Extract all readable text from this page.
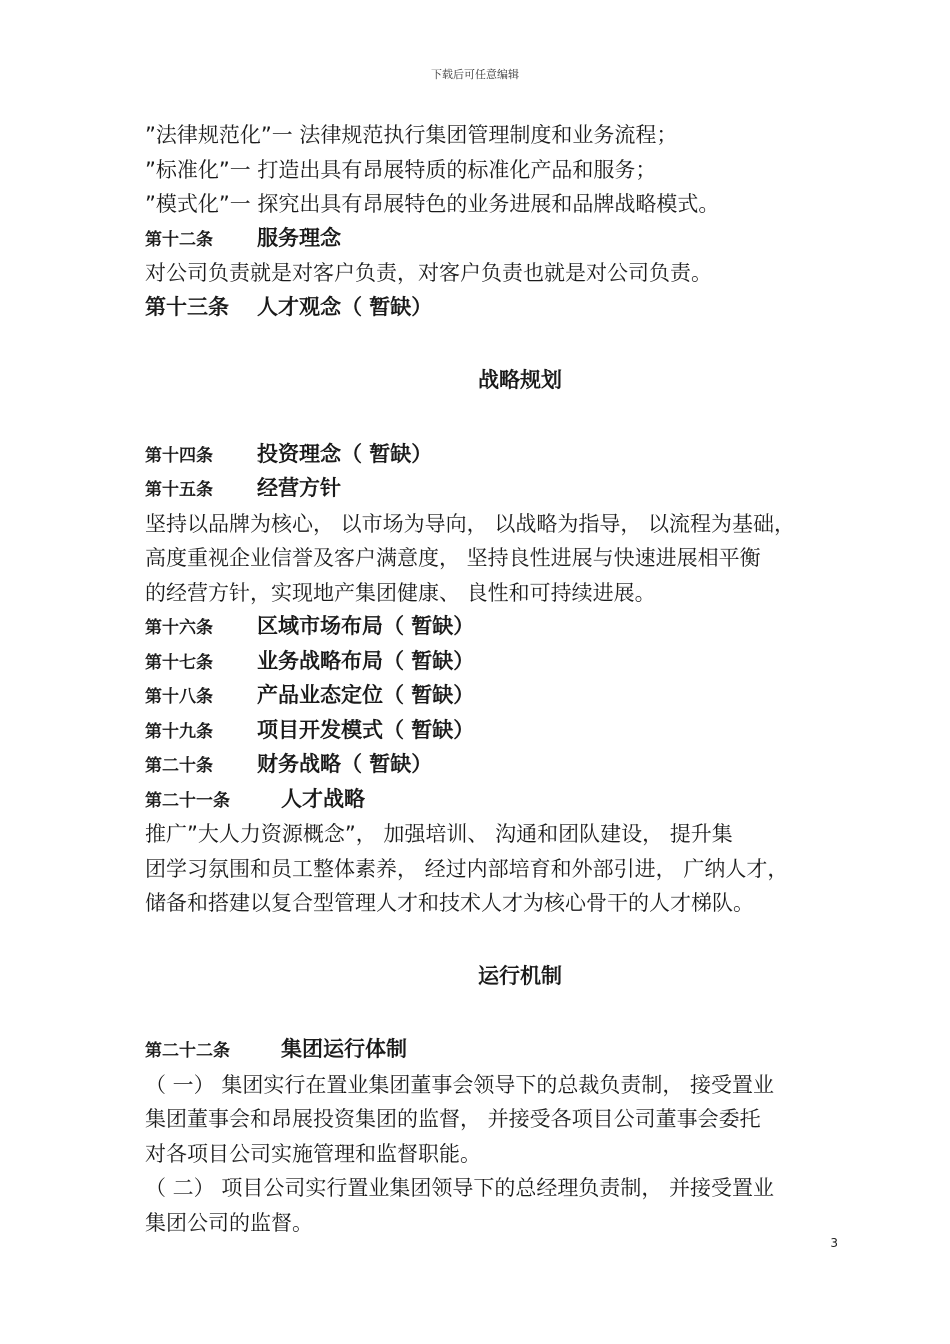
下载后可任意编辑
”法律规范化”一 法律规范执行集团管理制度和业务流程；
”标准化”一 打造出具有昂展特质的标准化产品和服务；
”模式化”一 探究出具有昂展特色的业务进展和品牌战略模式。
第十二条	服务理念
对公司负责就是对客户负责，对客户负责也就是对公司负责。
第十三条	人才观念（ 暂缺）
战略规划
第十四条	投资理念（ 暂缺）
第十五条	经营方针
坚持以品牌为核心， 以市场为导向， 以战略为指导， 以流程为基础，
高度重视企业信誉及客户满意度， 坚持良性进展与快速进展相平衡
的经营方针，实现地产集团健康、 良性和可持续进展。
第十六条	区域市场布局（ 暂缺）
第十七条	业务战略布局（ 暂缺）
第十八条	产品业态定位（ 暂缺）
第十九条	项目开发模式（ 暂缺）
第二十条	财务战略（ 暂缺）
第二十一条	人才战略
推广”大人力资源概念”， 加强培训、 沟通和团队建设， 提升集
团学习氛围和员工整体素养， 经过内部培育和外部引进， 广纳人才，
储备和搭建以复合型管理人才和技术人才为核心骨干的人才梯队。
运行机制
第二十二条	集团运行体制
（ 一） 集团实行在置业集团董事会领导下的总裁负责制， 接受置业
集团董事会和昂展投资集团的监督， 并接受各项目公司董事会委托
对各项目公司实施管理和监督职能。
（ 二） 项目公司实行置业集团领导下的总经理负责制， 并接受置业
集团公司的监督。
3
